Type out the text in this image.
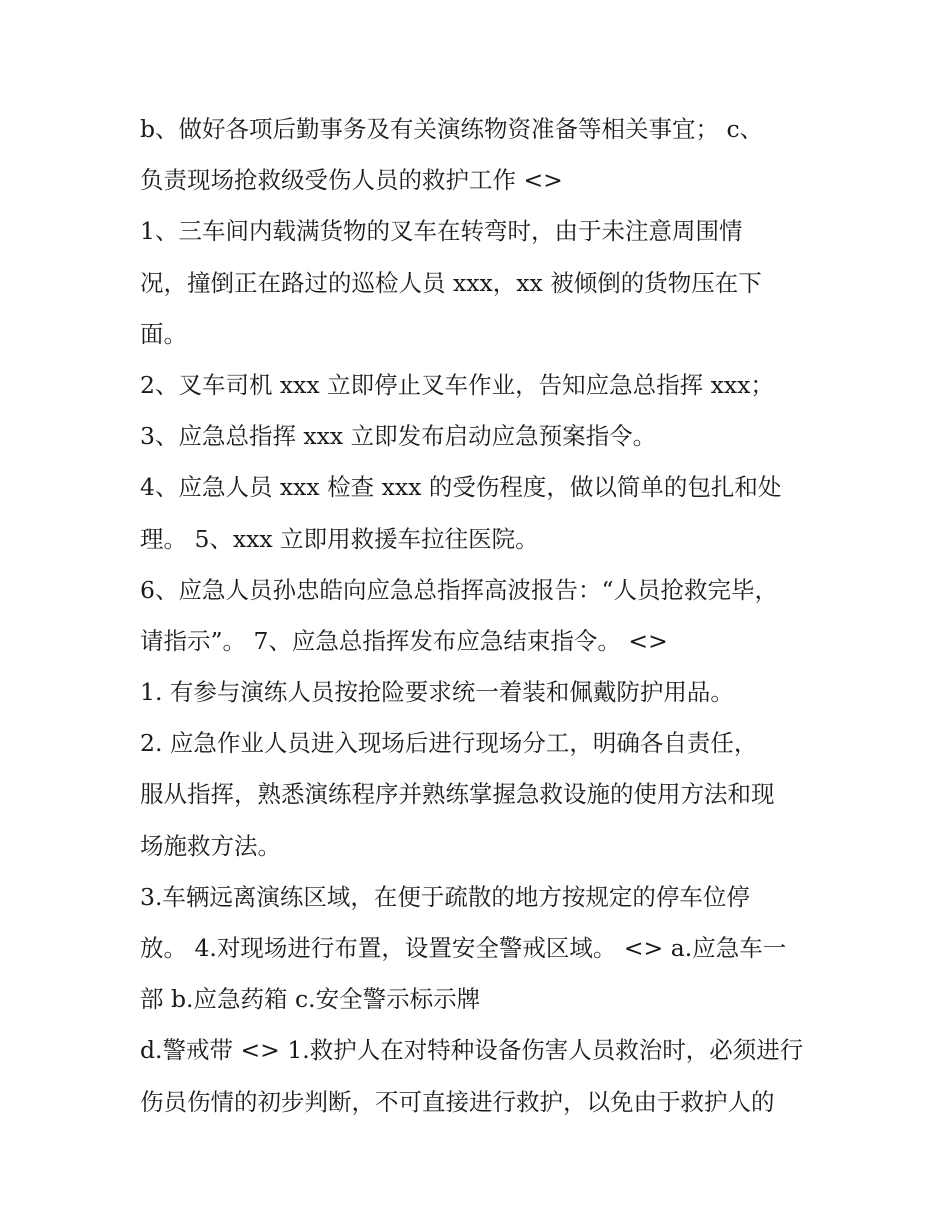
b、做好各项后勤事务及有关演练物资准备等相关事宜； c、
负责现场抢救级受伤人员的救护工作 <>
1、三车间内载满货物的叉车在转弯时，由于未注意周围情
况，撞倒正在路过的巡检人员 xxx，xx 被倾倒的货物压在下
面。
2、叉车司机 xxx 立即停止叉车作业，告知应急总指挥 xxx；
3、应急总指挥 xxx 立即发布启动应急预案指令。
4、应急人员 xxx 检查 xxx 的受伤程度，做以简单的包扎和处
理。 5、xxx 立即用救援车拉往医院。
6、应急人员孙忠皓向应急总指挥高波报告：“人员抢救完毕，
请指示”。 7、应急总指挥发布应急结束指令。 <>
1. 有参与演练人员按抢险要求统一着装和佩戴防护用品。
2. 应急作业人员进入现场后进行现场分工，明确各自责任，
服从指挥，熟悉演练程序并熟练掌握急救设施的使用方法和现
场施救方法。
3.车辆远离演练区域，在便于疏散的地方按规定的停车位停
放。 4.对现场进行布置，设置安全警戒区域。 <> a.应急车一
部 b.应急药箱 c.安全警示标示牌
d.警戒带 <> 1.救护人在对特种设备伤害人员救治时，必须进行
伤员伤情的初步判断，不可直接进行救护，以免由于救护人的
